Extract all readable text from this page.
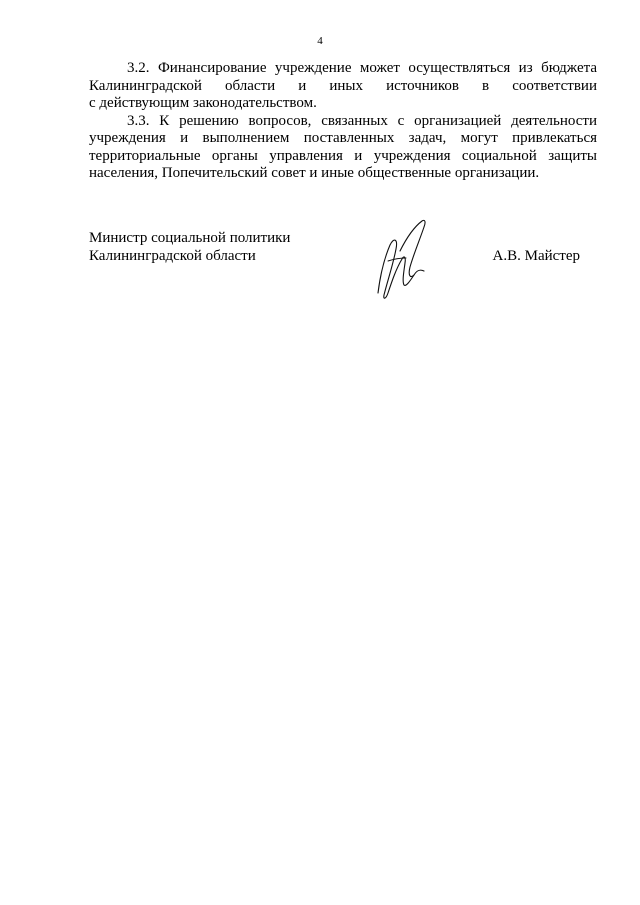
4

3.2. Финансирование учреждение может осуществляться из бюджета
Калининградской области и иных источников в соответствии
с действующим законодательством.

3.3. К решению вопросов, связанных с организацией деятельности
учреждения и выполнением поставленных задач, могут привлекаться
территориальные органы управления и учреждения социальной защиты
населения, Попечительский совет и иные общественные организации.

Министр социальной политики
Калининградской области	А.В. Майстер
